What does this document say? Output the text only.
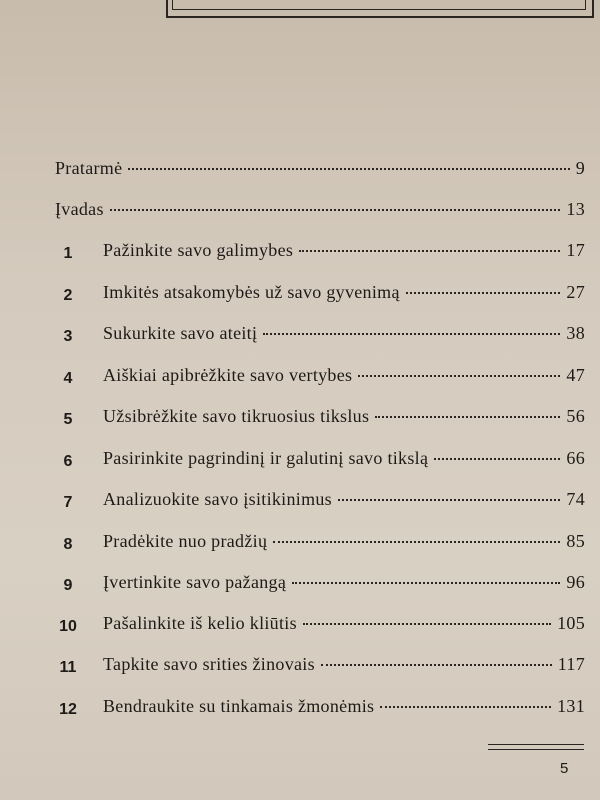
Pratarmė	9
Įvadas	13
1	Pažinkite savo galimybes	17
2	Imkitės atsakomybės už savo gyvenimą	27
3	Sukurkite savo ateitį	38
4	Aiškiai apibrėžkite savo vertybes	47
5	Užsibrėžkite savo tikruosius tikslus	56
6	Pasirinkite pagrindinį ir galutinį savo tikslą	66
7	Analizuokite savo įsitikinimus	74
8	Pradėkite nuo pradžių	85
9	Įvertinkite savo pažangą	96
10	Pašalinkite iš kelio kliūtis	105
11	Tapkite savo srities žinovais	117
12	Bendraukite su tinkamais žmonėmis	131
5
